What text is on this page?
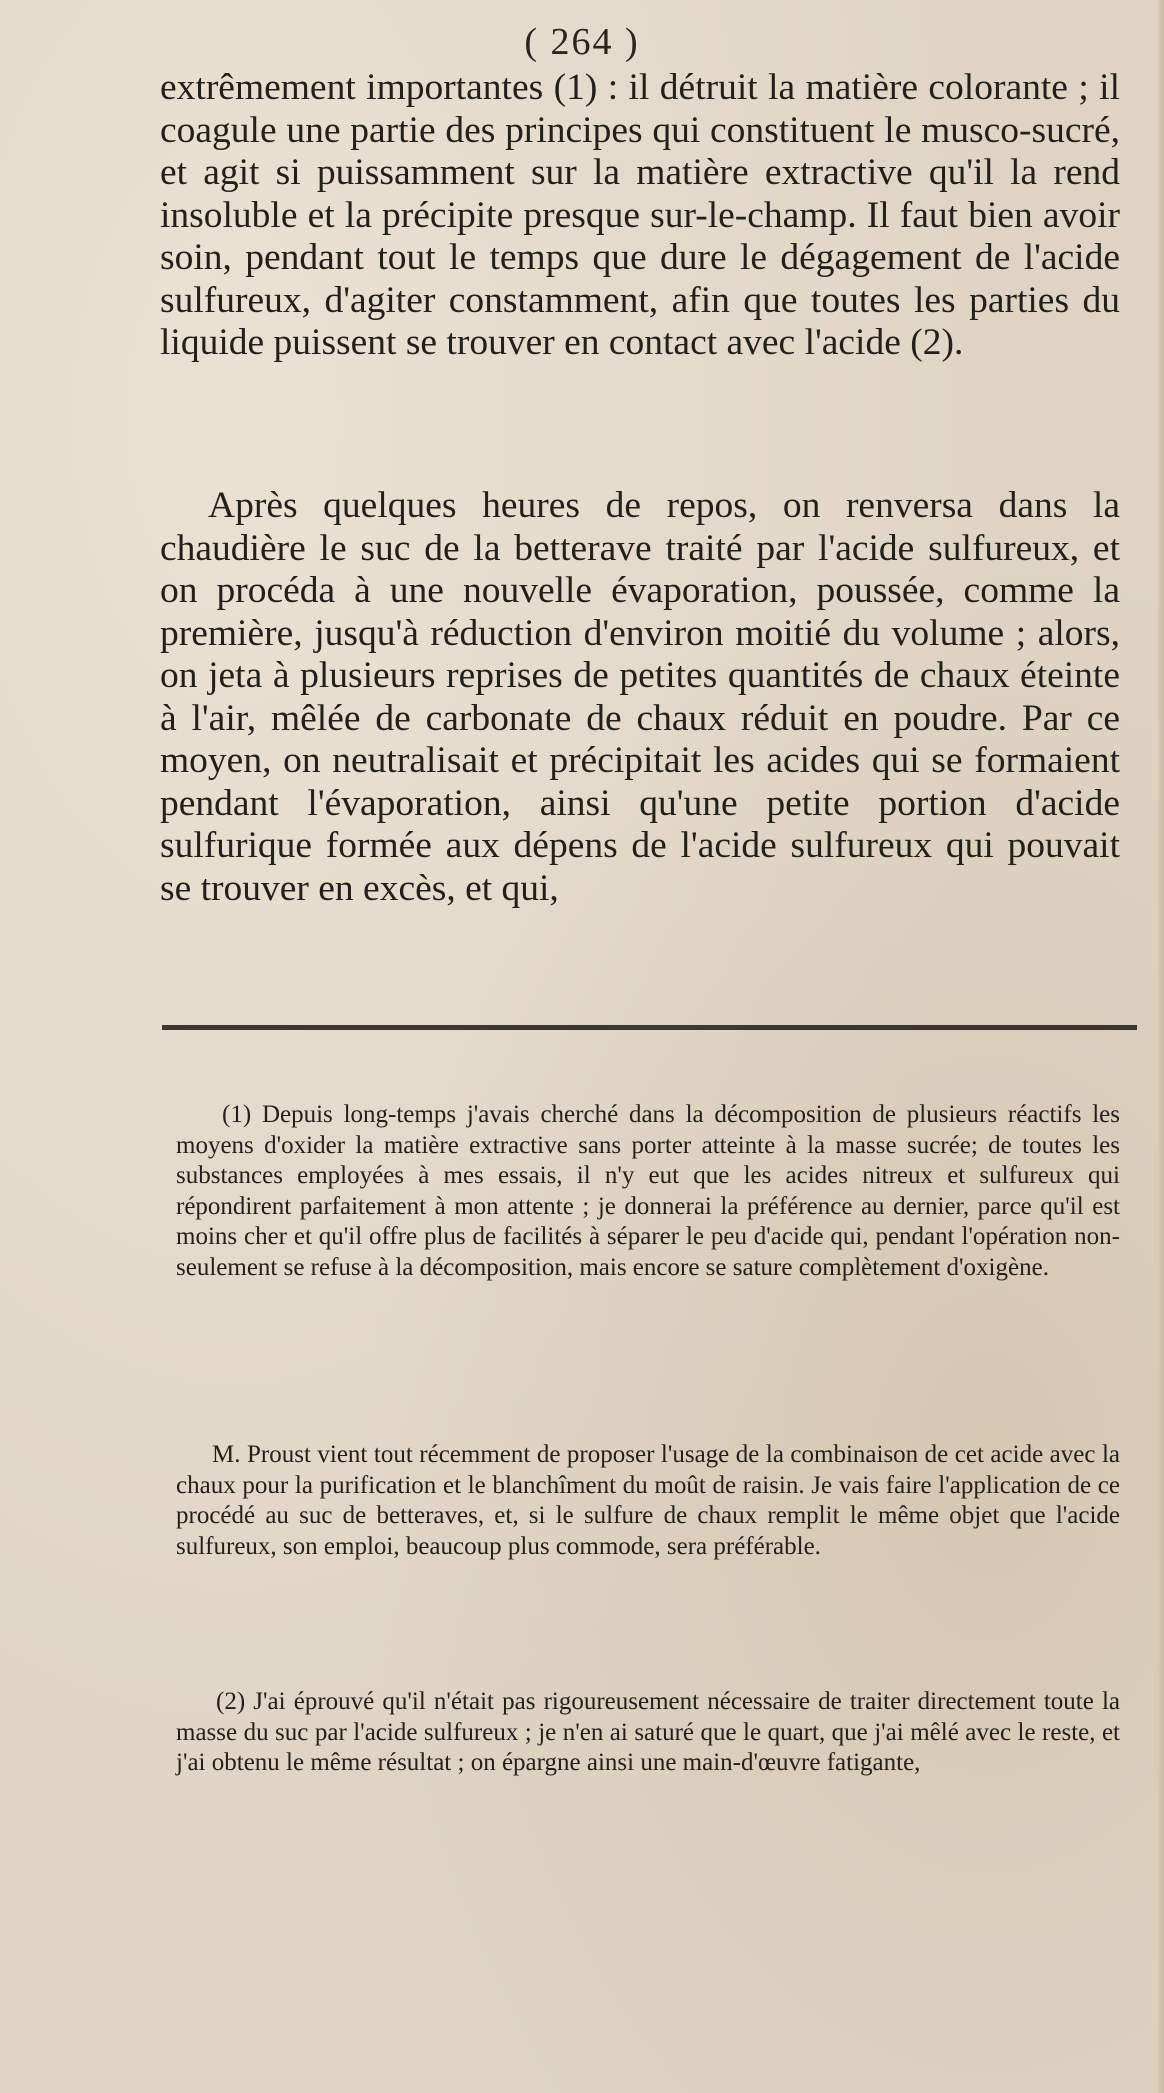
( 264 )

extrêmement importantes (1) : il détruit la matière colorante ; il coagule une partie des principes qui constituent le musco-sucré, et agit si puissamment sur la matière extractive qu'il la rend insoluble et la précipite presque sur-le-champ. Il faut bien avoir soin, pendant tout le temps que dure le dégagement de l'acide sulfureux, d'agiter constamment, afin que toutes les parties du liquide puissent se trouver en contact avec l'acide (2).

Après quelques heures de repos, on renversa dans la chaudière le suc de la betterave traité par l'acide sulfureux, et on procéda à une nouvelle évaporation, poussée, comme la première, jusqu'à réduction d'environ moitié du volume ; alors, on jeta à plusieurs reprises de petites quantités de chaux éteinte à l'air, mêlée de carbonate de chaux réduit en poudre. Par ce moyen, on neutralisait et précipitait les acides qui se formaient pendant l'évaporation, ainsi qu'une petite portion d'acide sulfurique formée aux dépens de l'acide sulfureux qui pouvait se trouver en excès, et qui,

(1) Depuis long-temps j'avais cherché dans la décomposition de plusieurs réactifs les moyens d'oxider la matière extractive sans porter atteinte à la masse sucrée; de toutes les substances employées à mes essais, il n'y eut que les acides nitreux et sulfureux qui répondirent parfaitement à mon attente ; je donnerai la préférence au dernier, parce qu'il est moins cher et qu'il offre plus de facilités à séparer le peu d'acide qui, pendant l'opération non-seulement se refuse à la décomposition, mais encore se sature complètement d'oxigène.

M. Proust vient tout récemment de proposer l'usage de la combinaison de cet acide avec la chaux pour la purification et le blanchîment du moût de raisin. Je vais faire l'application de ce procédé au suc de betteraves, et, si le sulfure de chaux remplit le même objet que l'acide sulfureux, son emploi, beaucoup plus commode, sera préférable.

(2) J'ai éprouvé qu'il n'était pas rigoureusement nécessaire de traiter directement toute la masse du suc par l'acide sulfureux ; je n'en ai saturé que le quart, que j'ai mêlé avec le reste, et j'ai obtenu le même résultat ; on épargne ainsi une main-d'œuvre fatigante,
